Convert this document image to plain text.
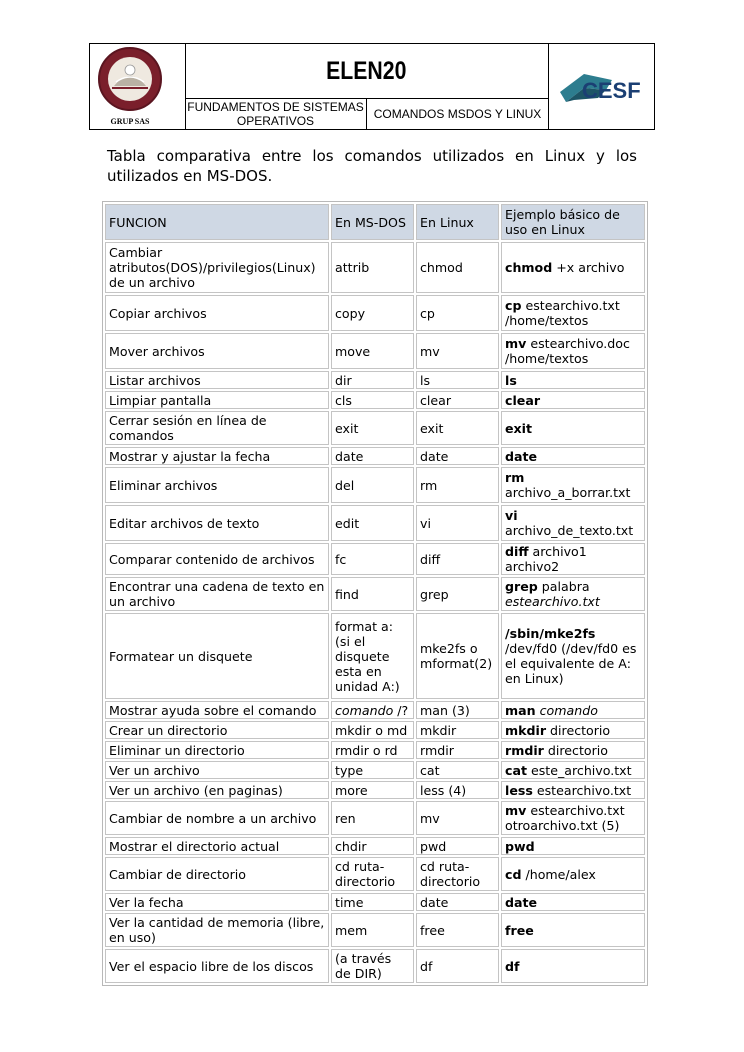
GRUP SAS
ELEN20
FUNDAMENTOS DE SISTEMAS OPERATIVOS	COMANDOS MSDOS Y LINUX
CESF

Tabla comparativa entre los comandos utilizados en Linux y los utilizados en MS-DOS.

FUNCION	En MS-DOS	En Linux	Ejemplo básico de uso en Linux
Cambiar atributos(DOS)/privilegios(Linux) de un archivo	attrib	chmod	chmod +x archivo
Copiar archivos	copy	cp	cp estearchivo.txt /home/textos
Mover archivos	move	mv	mv estearchivo.doc /home/textos
Listar archivos	dir	ls	ls
Limpiar pantalla	cls	clear	clear
Cerrar sesión en línea de comandos	exit	exit	exit
Mostrar y ajustar la fecha	date	date	date
Eliminar archivos	del	rm	rm archivo_a_borrar.txt
Editar archivos de texto	edit	vi	vi archivo_de_texto.txt
Comparar contenido de archivos	fc	diff	diff archivo1 archivo2
Encontrar una cadena de texto en un archivo	find	grep	grep palabra estearchivo.txt
Formatear un disquete	format a: (si el disquete esta en unidad A:)	mke2fs o mformat(2)	/sbin/mke2fs /dev/fd0 (/dev/fd0 es el equivalente de A: en Linux)
Mostrar ayuda sobre el comando	comando /?	man (3)	man comando
Crear un directorio	mkdir o md	mkdir	mkdir directorio
Eliminar un directorio	rmdir o rd	rmdir	rmdir directorio
Ver un archivo	type	cat	cat este_archivo.txt
Ver un archivo (en paginas)	more	less (4)	less estearchivo.txt
Cambiar de nombre a un archivo	ren	mv	mv estearchivo.txt otroarchivo.txt (5)
Mostrar el directorio actual	chdir	pwd	pwd
Cambiar de directorio	cd ruta-directorio	cd ruta-directorio	cd /home/alex
Ver la fecha	time	date	date
Ver la cantidad de memoria (libre, en uso)	mem	free	free
Ver el espacio libre de los discos	(a través de DIR)	df	df
